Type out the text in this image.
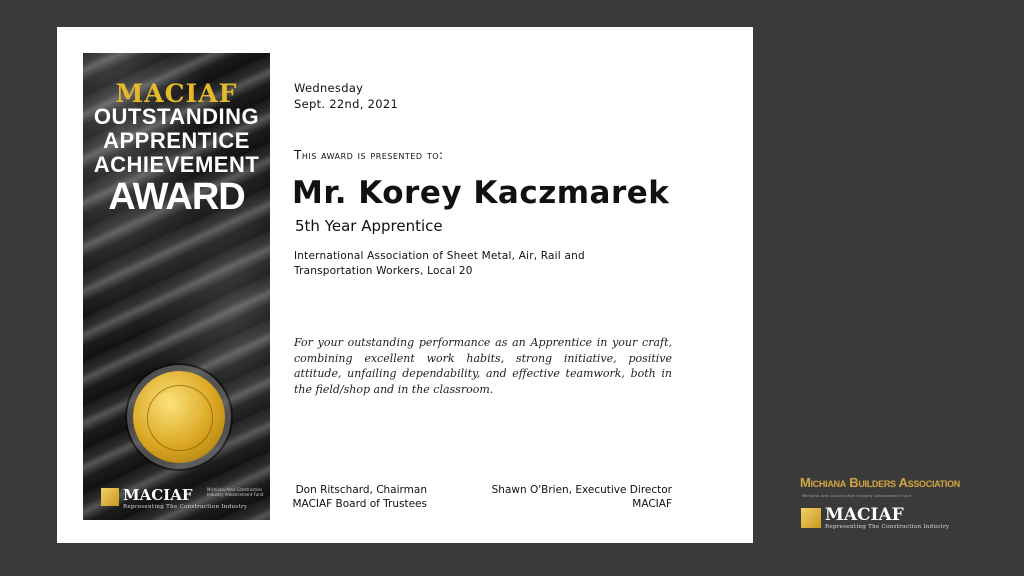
MACIAF
OUTSTANDING
APPRENTICE
ACHIEVEMENT
AWARD
MACIAF	Michiana Area Construction Industry Advancement Fund
Representing The Construction Industry
Wednesday
Sept. 22nd, 2021
This award is presented to:
Mr. Korey Kaczmarek
5th Year Apprentice
International Association of Sheet Metal, Air, Rail and Transportation Workers, Local 20
For your outstanding performance as an Apprentice in your craft, combining excellent work habits, strong initiative, positive attitude, unfailing dependability, and effective teamwork, both in the field/shop and in the classroom.
Don Ritschard, Chairman
MACIAF Board of Trustees
Shawn O'Brien, Executive Director
MACIAF
Michiana Builders Association
Michiana Area Construction Industry Advancement Fund
MACIAF
Representing The Construction Industry
